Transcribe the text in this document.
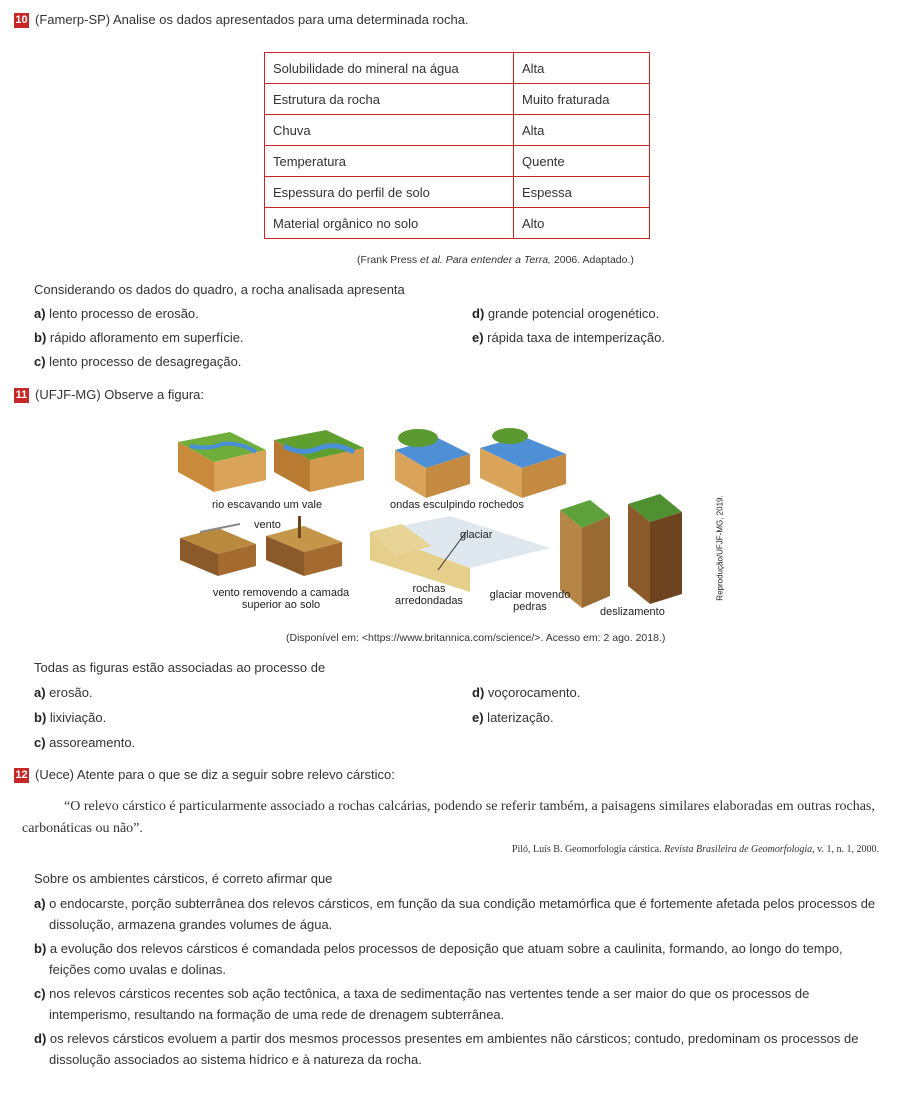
10 (Famerp-SP) Analise os dados apresentados para uma determinada rocha.
Solubilidade do mineral na água	Alta
Estrutura da rocha	Muito fraturada
Chuva	Alta
Temperatura	Quente
Espessura do perfil de solo	Espessa
Material orgânico no solo	Alto
(Frank Press et al. Para entender a Terra, 2006. Adaptado.)
Considerando os dados do quadro, a rocha analisada apresenta
a) lento processo de erosão.
b) rápido afloramento em superfície.
c) lento processo de desagregação.
d) grande potencial orogenético.
e) rápida taxa de intemperização.
11 (UFJF-MG) Observe a figura:
rio escavando um vale	ondas esculpindo rochedos
vento
glaciar
vento removendo a camada
superior ao solo
rochas
arredondadas	glaciar movendo
pedras	deslizamento
Reprodução/UFJF-MG, 2019.
(Disponível em: <https://www.britannica.com/science/>. Acesso em: 2 ago. 2018.)
Todas as figuras estão associadas ao processo de
a) erosão.
b) lixiviação.
c) assoreamento.
d) voçorocamento.
e) laterização.
12 (Uece) Atente para o que se diz a seguir sobre relevo cárstico:
“O relevo cárstico é particularmente associado a rochas calcárias, podendo se referir também, a paisagens similares elaboradas em outras rochas, carbonáticas ou não”.
Piló, Luís B. Geomorfologia cárstica. Revista Brasileira de Geomorfologia, v. 1, n. 1, 2000.
Sobre os ambientes cársticos, é correto afirmar que
a) o endocarste, porção subterrânea dos relevos cársticos, em função da sua condição metamórfica que é fortemente afetada pelos processos de dissolução, armazena grandes volumes de água.
b) a evolução dos relevos cársticos é comandada pelos processos de deposição que atuam sobre a caulinita, formando, ao longo do tempo, feições como uvalas e dolinas.
c) nos relevos cársticos recentes sob ação tectônica, a taxa de sedimentação nas vertentes tende a ser maior do que os processos de intemperismo, resultando na formação de uma rede de drenagem subterrânea.
d) os relevos cársticos evoluem a partir dos mesmos processos presentes em ambientes não cársticos; contudo, predominam os processos de dissolução associados ao sistema hídrico e à natureza da rocha.
